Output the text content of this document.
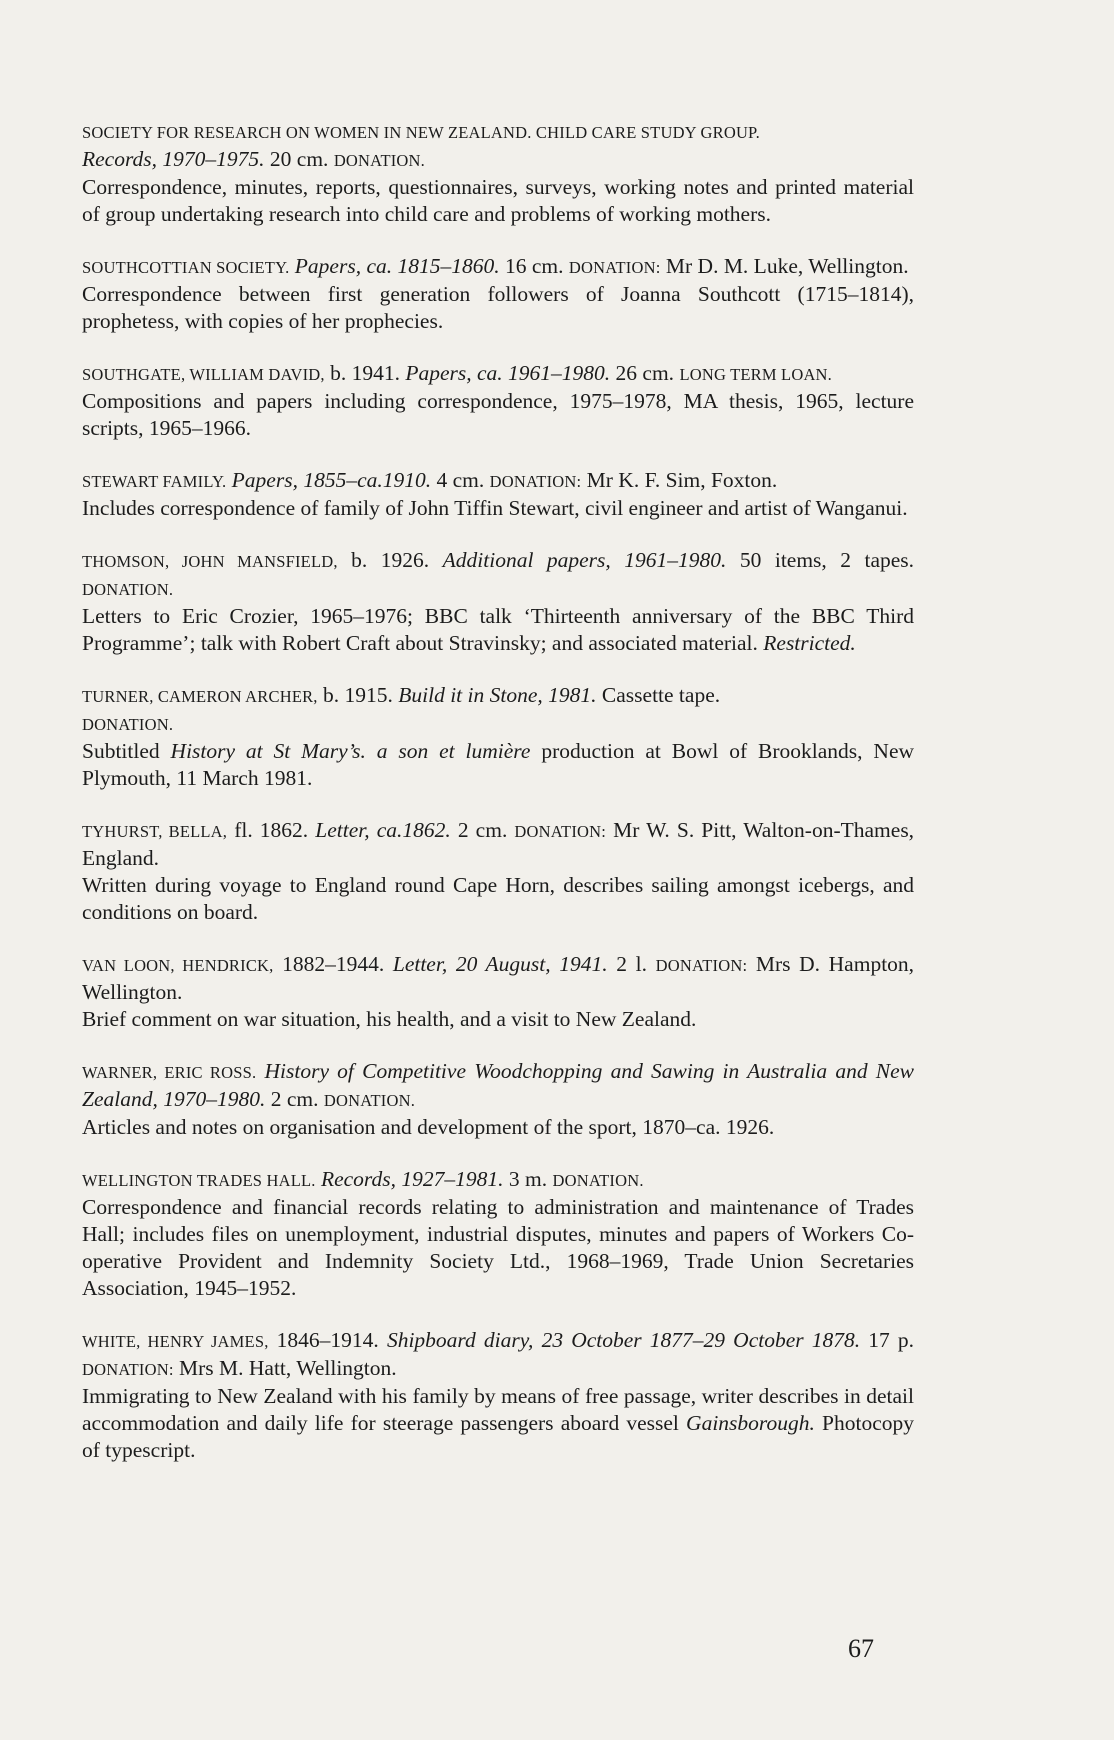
SOCIETY FOR RESEARCH ON WOMEN IN NEW ZEALAND. CHILD CARE STUDY GROUP.
Records, 1970–1975. 20 cm. DONATION.
Correspondence, minutes, reports, questionnaires, surveys, working notes and printed material of group undertaking research into child care and problems of working mothers.
SOUTHCOTTIAN SOCIETY. Papers, ca. 1815–1860. 16 cm. DONATION: Mr D. M. Luke, Wellington.
Correspondence between first generation followers of Joanna Southcott (1715–1814), prophetess, with copies of her prophecies.
SOUTHGATE, WILLIAM DAVID, b. 1941. Papers, ca. 1961–1980. 26 cm. LONG TERM LOAN.
Compositions and papers including correspondence, 1975–1978, MA thesis, 1965, lecture scripts, 1965–1966.
STEWART FAMILY. Papers, 1855–ca.1910. 4 cm. DONATION: Mr K. F. Sim, Foxton.
Includes correspondence of family of John Tiffin Stewart, civil engineer and artist of Wanganui.
THOMSON, JOHN MANSFIELD, b. 1926. Additional papers, 1961–1980. 50 items, 2 tapes. DONATION.
Letters to Eric Crozier, 1965–1976; BBC talk ‘Thirteenth anniversary of the BBC Third Programme’; talk with Robert Craft about Stravinsky; and associated material. Restricted.
TURNER, CAMERON ARCHER, b. 1915. Build it in Stone, 1981. Cassette tape.
DONATION.
Subtitled History at St Mary’s. a son et lumière production at Bowl of Brooklands, New Plymouth, 11 March 1981.
TYHURST, BELLA, fl. 1862. Letter, ca.1862. 2 cm. DONATION: Mr W. S. Pitt, Walton-on-Thames, England.
Written during voyage to England round Cape Horn, describes sailing amongst icebergs, and conditions on board.
VAN LOON, HENDRICK, 1882–1944. Letter, 20 August, 1941. 2 l. DONATION: Mrs D. Hampton, Wellington.
Brief comment on war situation, his health, and a visit to New Zealand.
WARNER, ERIC ROSS. History of Competitive Woodchopping and Sawing in Australia and New Zealand, 1970–1980. 2 cm. DONATION.
Articles and notes on organisation and development of the sport, 1870–ca. 1926.
WELLINGTON TRADES HALL. Records, 1927–1981. 3 m. DONATION.
Correspondence and financial records relating to administration and maintenance of Trades Hall; includes files on unemployment, industrial disputes, minutes and papers of Workers Co-operative Provident and Indemnity Society Ltd., 1968–1969, Trade Union Secretaries Association, 1945–1952.
WHITE, HENRY JAMES, 1846–1914. Shipboard diary, 23 October 1877–29 October 1878. 17 p. DONATION: Mrs M. Hatt, Wellington.
Immigrating to New Zealand with his family by means of free passage, writer describes in detail accommodation and daily life for steerage passengers aboard vessel Gainsborough. Photocopy of typescript.
67
